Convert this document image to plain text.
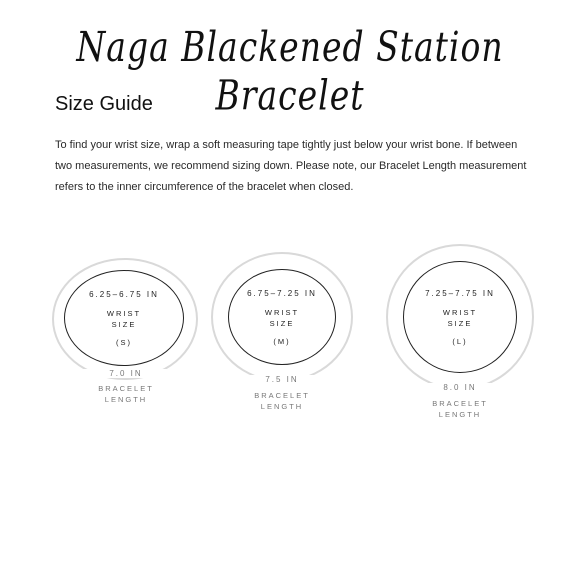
Naga Blackened Station Bracelet
Size Guide
To find your wrist size, wrap a soft measuring tape tightly just below your wrist bone. If between two measurements, we recommend sizing down. Please note, our Bracelet Length measurement refers to the inner circumference of the bracelet when closed.
6.25–6.75 IN
WRIST
SIZE
(S)
7.0 IN
BRACELET
LENGTH
6.75–7.25 IN
WRIST
SIZE
(M)
7.5 IN
BRACELET
LENGTH
7.25–7.75 IN
WRIST
SIZE
(L)
8.0 IN
BRACELET
LENGTH
